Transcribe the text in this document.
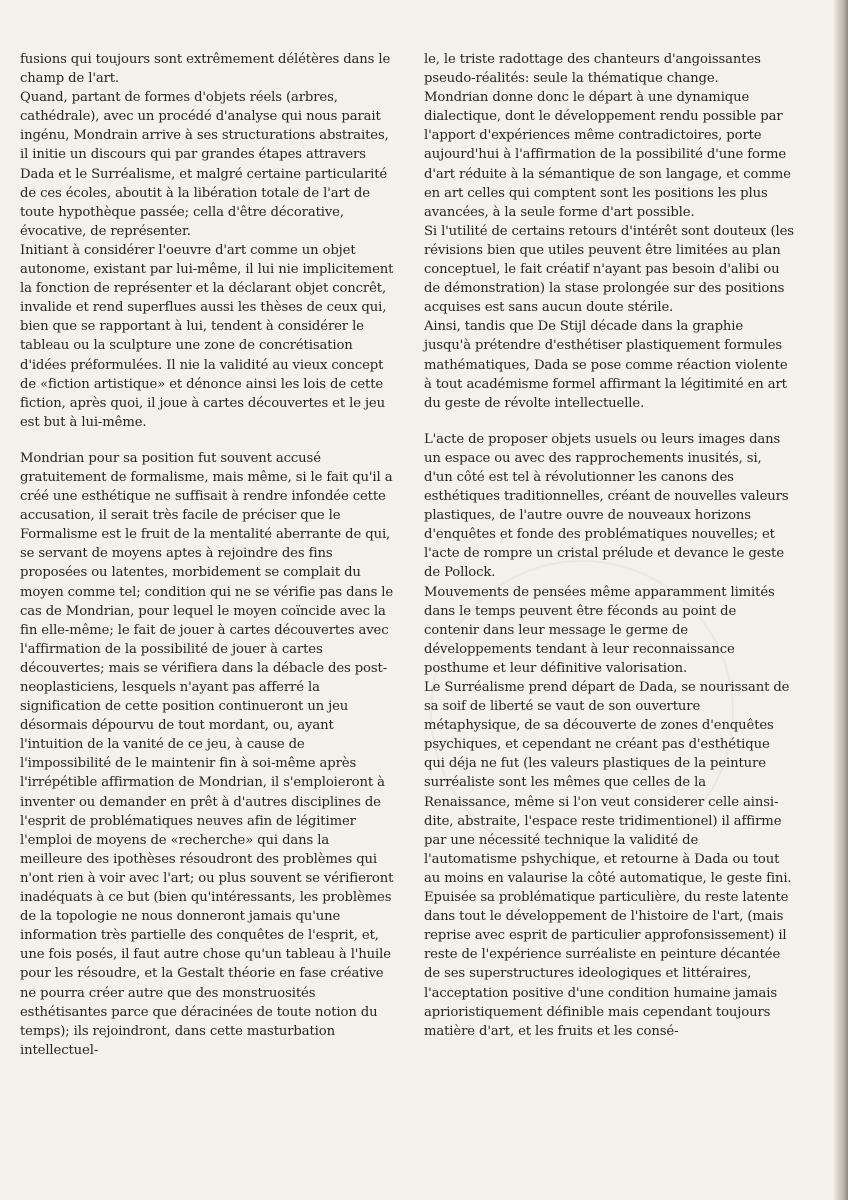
fusions qui toujours sont extrêmement délétères dans le champ de l'art.

Quand, partant de formes d'objets réels (arbres, cathédrale), avec un procédé d'analyse qui nous parait ingénu, Mondrain arrive à ses structurations abstraites, il initie un discours qui par grandes étapes attravers Dada et le Surréalisme, et malgré certaine particularité de ces écoles, aboutit à la libération totale de l'art de toute hypothèque passée; cella d'être décorative, évocative, de représenter.

Initiant à considérer l'oeuvre d'art comme un objet autonome, existant par lui-même, il lui nie implicitement la fonction de représenter et la déclarant objet concrêt, invalide et rend superflues aussi les thèses de ceux qui, bien que se rapportant à lui, tendent à considérer le tableau ou la sculpture une zone de concrétisation d'idées préformulées. Il nie la validité au vieux concept de «fiction artistique» et dénonce ainsi les lois de cette fiction, après quoi, il joue à cartes découvertes et le jeu est but à lui-même.

Mondrian pour sa position fut souvent accusé gratuitement de formalisme, mais même, si le fait qu'il a créé une esthétique ne suffisait à rendre infondée cette accusation, il serait très facile de préciser que le Formalisme est le fruit de la mentalité aberrante de qui, se servant de moyens aptes à rejoindre des fins proposées ou latentes, morbidement se complait du moyen comme tel; condition qui ne se vérifie pas dans le cas de Mondrian, pour lequel le moyen coïncide avec la fin elle-même; le fait de jouer à cartes découvertes avec l'affirmation de la possibilité de jouer à cartes découvertes; mais se vérifiera dans la débacle des post-neoplasticiens, lesquels n'ayant pas afferré la signification de cette position continueront un jeu désormais dépourvu de tout mordant, ou, ayant l'intuition de la vanité de ce jeu, à cause de l'impossibilité de le maintenir fin à soi-même après l'irrépétible affirmation de Mondrian, il s'emploieront à inventer ou demander en prêt à d'autres disciplines de l'esprit de problématiques neuves afin de légitimer l'emploi de moyens de «recherche» qui dans la meilleure des ipothèses résoudront des problèmes qui n'ont rien à voir avec l'art; ou plus souvent se vérifieront inadéquats à ce but (bien qu'intéressants, les problèmes de la topologie ne nous donneront jamais qu'une information très partielle des conquêtes de l'esprit, et, une fois posés, il faut autre chose qu'un tableau à l'huile pour les résoudre, et la Gestalt théorie en fase créative ne pourra créer autre que des monstruosités esthétisantes parce que déracinées de toute notion du temps); ils rejoindront, dans cette masturbation intellectuel-

le, le triste radottage des chanteurs d'angoissantes pseudo-réalités: seule la thématique change.

Mondrian donne donc le départ à une dynamique dialectique, dont le développement rendu possible par l'apport d'expériences même contradictoires, porte aujourd'hui à l'affirmation de la possibilité d'une forme d'art réduite à la sémantique de son langage, et comme en art celles qui comptent sont les positions les plus avancées, à la seule forme d'art possible.

Si l'utilité de certains retours d'intérêt sont douteux (les révisions bien que utiles peuvent être limitées au plan conceptuel, le fait créatif n'ayant pas besoin d'alibi ou de démonstration) la stase prolongée sur des positions acquises est sans aucun doute stérile.

Ainsi, tandis que De Stijl décade dans la graphie jusqu'à prétendre d'esthétiser plastiquement formules mathématiques, Dada se pose comme réaction violente à tout académisme formel affirmant la légitimité en art du geste de révolte intellectuelle.

L'acte de proposer objets usuels ou leurs images dans un espace ou avec des rapprochements inusités, si, d'un côté est tel à révolutionner les canons des esthétiques traditionnelles, créant de nouvelles valeurs plastiques, de l'autre ouvre de nouveaux horizons d'enquêtes et fonde des problématiques nouvelles; et l'acte de rompre un cristal prélude et devance le geste de Pollock.

Mouvements de pensées même apparamment limités dans le temps peuvent être féconds au point de contenir dans leur message le germe de développements tendant à leur reconnaissance posthume et leur définitive valorisation.

Le Surréalisme prend départ de Dada, se nourissant de sa soif de liberté se vaut de son ouverture métaphysique, de sa découverte de zones d'enquêtes psychiques, et cependant ne créant pas d'esthétique qui déja ne fut (les valeurs plastiques de la peinture surréaliste sont les mêmes que celles de la Renaissance, même si l'on veut considerer celle ainsi-dite, abstraite, l'espace reste tridimentionel) il affirme par une nécessité technique la validité de l'automatisme pshychique, et retourne à Dada ou tout au moins en valaurise la côté automatique, le geste fini.

Epuisée sa problématique particulière, du reste latente dans tout le développement de l'histoire de l'art, (mais reprise avec esprit de particulier approfonsissement) il reste de l'expérience surréaliste en peinture décantée de ses superstructures ideologiques et littéraires, l'acceptation positive d'une condition humaine jamais aprioristiquement définible mais cependant toujours matière d'art, et les fruits et les consé-
